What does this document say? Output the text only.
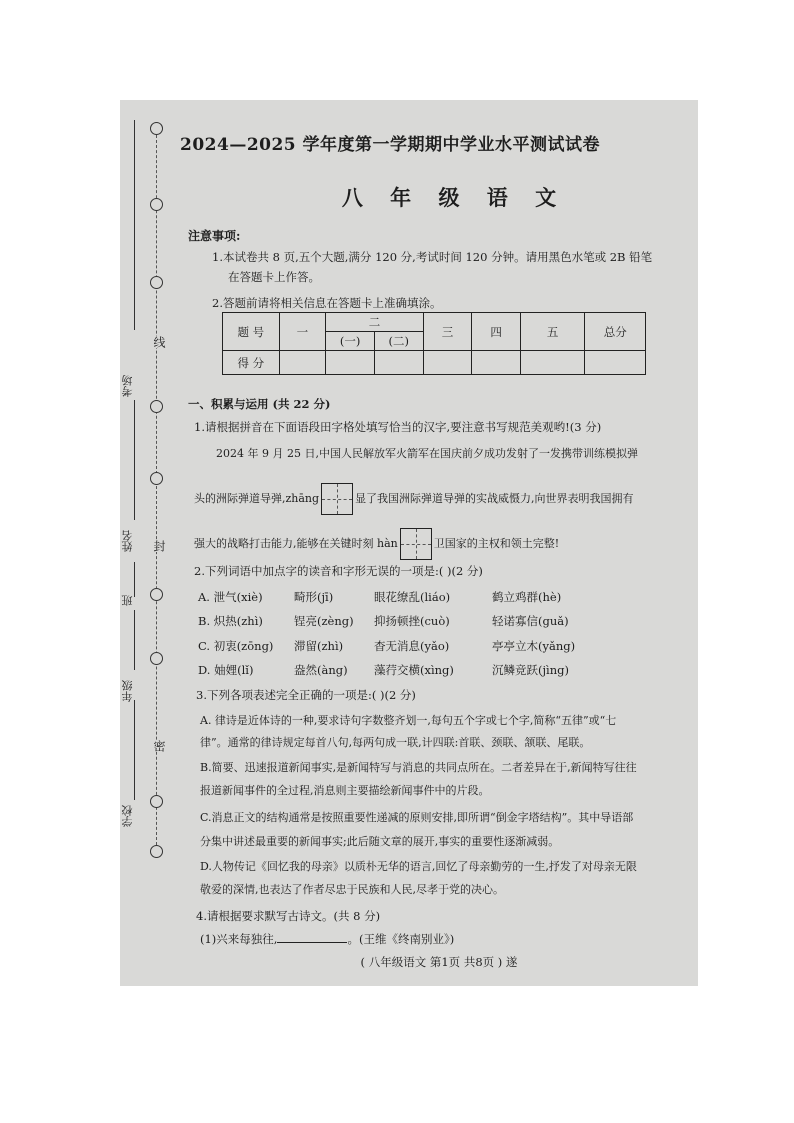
线
封
密
考场
姓名
班
年级
学校
2024—2025 学年度第一学期期中学业水平测试试卷
八 年 级 语 文
注意事项:
1.本试卷共 8 页,五个大题,满分 120 分,考试时间 120 分钟。请用黑色水笔或 2B 铅笔
在答题卡上作答。
2.答题前请将相关信息在答题卡上准确填涂。
题 号	一	二		三	四	五	总分
		(一)	(二)				
得 分							
一、积累与运用 (共 22 分)
1.请根据拼音在下面语段田字格处填写恰当的汉字,要注意书写规范美观哟!(3 分)
2024 年 9 月 25 日,中国人民解放军火箭军在国庆前夕成功发射了一发携带训练模拟弹
头的洲际弹道导弹,zhāng	显了我国洲际弹道导弹的实战威慑力,向世界表明我国拥有
强大的战略打击能力,能够在关键时刻 hàn	卫国家的主权和领土完整!
2.下列词语中加点字的读音和字形无误的一项是:( )(2 分)
A. 泄气(xiè)	畸形(jī)	眼花缭乱(liáo)	鹤立鸡群(hè)
B. 炽热(zhì)	锃亮(zèng) 抑扬顿挫(cuò)	轻诺寡信(guǎ)
C. 初衷(zōng) 滞留(zhì)	杳无消息(yǎo)	亭亭立木(yǎng)
D. 妯娌(lǐ)	盎然(àng) 藻荇交横(xìng)	沉鳞竞跃(jìng)
3.下列各项表述完全正确的一项是:( )(2 分)
A. 律诗是近体诗的一种,要求诗句字数整齐划一,每句五个字或七个字,简称“五律”或“七
律”。通常的律诗规定每首八句,每两句成一联,计四联:首联、颈联、颔联、尾联。
B.简要、迅速报道新闻事实,是新闻特写与消息的共同点所在。二者差异在于,新闻特写往往
报道新闻事件的全过程,消息则主要描绘新闻事件中的片段。
C.消息正文的结构通常是按照重要性递减的原则安排,即所谓“倒金字塔结构”。其中导语部
分集中讲述最重要的新闻事实;此后随文章的展开,事实的重要性逐渐减弱。
D.人物传记《回忆我的母亲》以质朴无华的语言,回忆了母亲勤劳的一生,抒发了对母亲无限
敬爱的深情,也表达了作者尽忠于民族和人民,尽孝于党的决心。
4.请根据要求默写古诗文。(共 8 分)
(1)兴来每独往,	。(王维《终南别业》)
( 八年级语文 第1页 共8页 ) 遂
